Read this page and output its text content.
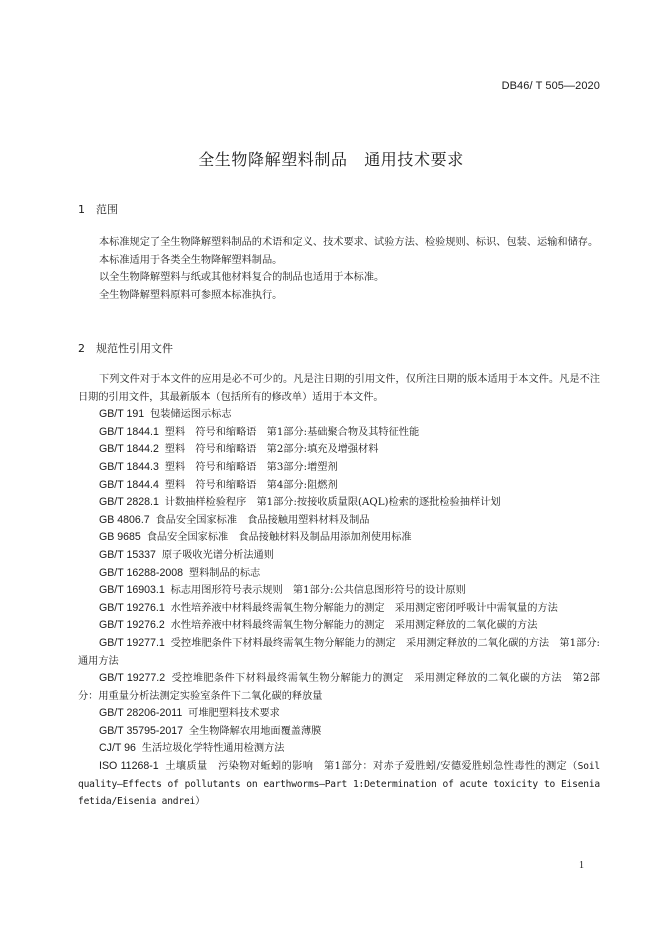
DB46/ T 505—2020
全生物降解塑料制品　通用技术要求
1 范围

本标准规定了全生物降解塑料制品的术语和定义、技术要求、试验方法、检验规则、标识、包装、运输和储存。

本标准适用于各类全生物降解塑料制品。

以全生物降解塑料与纸或其他材料复合的制品也适用于本标准。

全生物降解塑料原料可参照本标准执行。

2 规范性引用文件

下列文件对于本文件的应用是必不可少的。凡是注日期的引用文件，仅所注日期的版本适用于本文件。凡是不注日期的引用文件，其最新版本（包括所有的修改单）适用于本文件。

GB/T 191 包装储运图示标志

GB/T 1844.1 塑料　符号和缩略语　第1部分:基础聚合物及其特征性能

GB/T 1844.2 塑料　符号和缩略语　第2部分:填充及增强材料

GB/T 1844.3 塑料　符号和缩略语　第3部分:增塑剂

GB/T 1844.4 塑料　符号和缩略语　第4部分:阻燃剂

GB/T 2828.1 计数抽样检验程序　第1部分:按接收质量限(AQL)检索的逐批检验抽样计划

GB 4806.7 食品安全国家标准　食品接触用塑料材料及制品

GB 9685 食品安全国家标准　食品接触材料及制品用添加剂使用标准

GB/T 15337 原子吸收光谱分析法通则

GB/T 16288-2008 塑料制品的标志

GB/T 16903.1 标志用图形符号表示规则　第1部分:公共信息图形符号的设计原则

GB/T 19276.1 水性培养液中材料最终需氧生物分解能力的测定　采用测定密闭呼吸计中需氧量的方法

GB/T 19276.2 水性培养液中材料最终需氧生物分解能力的测定　采用测定释放的二氧化碳的方法

GB/T 19277.1 受控堆肥条件下材料最终需氧生物分解能力的测定　采用测定释放的二氧化碳的方法　第1部分:通用方法

GB/T 19277.2 受控堆肥条件下材料最终需氧生物分解能力的测定　采用测定释放的二氧化碳的方法　第2部分：用重量分析法测定实验室条件下二氧化碳的释放量

GB/T 28206-2011 可堆肥塑料技术要求

GB/T 35795-2017 全生物降解农用地面覆盖薄膜

CJ/T 96 生活垃圾化学特性通用检测方法

ISO 11268-1 土壤质量　污染物对蚯蚓的影响　第1部分：对赤子爱胜蚓/安德爱胜蚓急性毒性的测定（Soil quality—Effects of pollutants on earthworms—Part 1:Determination of acute toxicity to Eisenia fetida/Eisenia andrei）

1
